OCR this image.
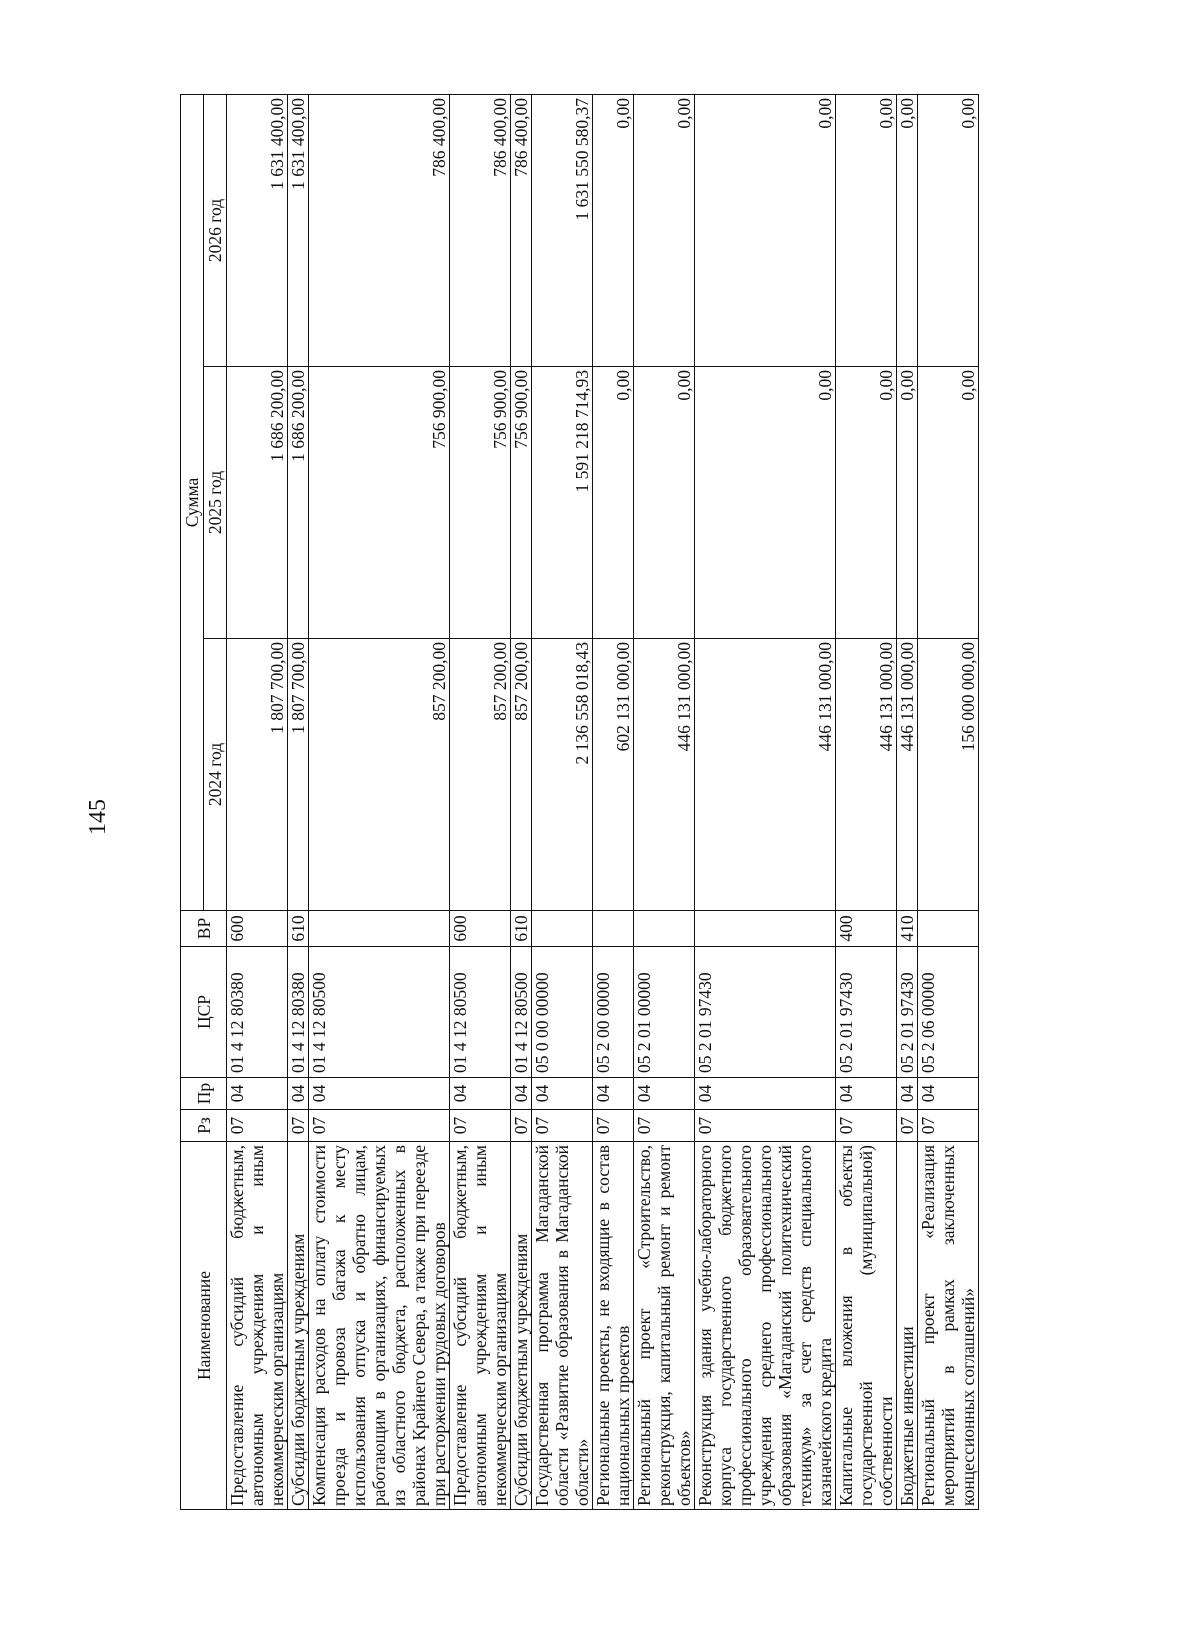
145
Наименование	Рз	Пр	ЦСР	ВР	Сумма		
					2024 год	2025 год	2026 год
Предоставление субсидий бюджетным, автономным учреждениям и иным некоммерческим организациям	07	04	01 4 12 80380	600	1 807 700,00	1 686 200,00	1 631 400,00
Субсидии бюджетным учреждениям	07	04	01 4 12 80380	610	1 807 700,00	1 686 200,00	1 631 400,00
Компенсация расходов на оплату стоимости проезда и провоза багажа к месту использования отпуска и обратно лицам, работающим в организациях, финансируемых из областного бюджета, расположенных в районах Крайнего Севера, а также при переезде при расторжении трудовых договоров	07	04	01 4 12 80500		857 200,00	756 900,00	786 400,00
Предоставление субсидий бюджетным, автономным учреждениям и иным некоммерческим организациям	07	04	01 4 12 80500	600	857 200,00	756 900,00	786 400,00
Субсидии бюджетным учреждениям	07	04	01 4 12 80500	610	857 200,00	756 900,00	786 400,00
Государственная программа Магаданской области «Развитие образования в Магаданской области»	07	04	05 0 00 00000		2 136 558 018,43	1 591 218 714,93	1 631 550 580,37
Региональные проекты, не входящие в состав национальных проектов	07	04	05 2 00 00000		602 131 000,00	0,00	0,00
Региональный проект «Строительство, реконструкция, капитальный ремонт и ремонт объектов»	07	04	05 2 01 00000		446 131 000,00	0,00	0,00
Реконструкция здания учебно-лабораторного корпуса государственного бюджетного профессионального образовательного учреждения среднего профессионального образования «Магаданский политехнический техникум» за счет средств специального казначейского кредита	07	04	05 2 01 97430		446 131 000,00	0,00	0,00
Капитальные вложения в объекты государственной (муниципальной) собственности	07	04	05 2 01 97430	400	446 131 000,00	0,00	0,00
Бюджетные инвестиции	07	04	05 2 01 97430	410	446 131 000,00	0,00	0,00
Региональный проект «Реализация мероприятий в рамках заключенных концессионных соглашений»	07	04	05 2 06 00000		156 000 000,00	0,00	0,00
